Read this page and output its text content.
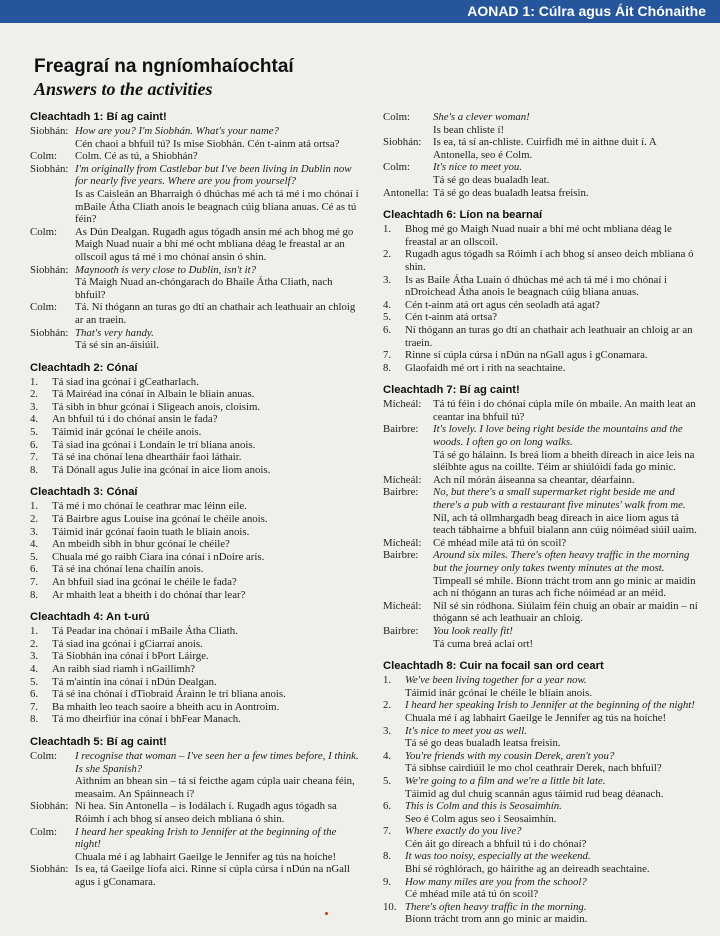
AONAD 1: Cúlra agus Áit Chónaithe
Freagraí na ngníomhaíochtaí
Answers to the activities
Cleachtadh 1: Bí ag caint!
Siobhán: How are you? I'm Siobhán. What's your name?
Cén chaoi a bhfuil tú? Is mise Siobhán. Cén t-ainm atá ortsa?
Colm:	Colm. Cé as tú, a Shiobhán?
Siobhán: I'm originally from Castlebar but I've been living in Dublin now for nearly five years. Where are you from yourself?
Is as Caisleán an Bharraigh ó dhúchas mé ach tá mé i mo chónaí i mBaile Átha Cliath anois le beagnach cúig bliana anuas. Cé as tú féin?
Colm:	As Dún Dealgan. Rugadh agus tógadh ansin mé ach bhog mé go Maigh Nuad nuair a bhí mé ocht mbliana déag le freastal ar an ollscoil agus tá mé i mo chónaí ansin ó shin.
Siobhán: Maynooth is very close to Dublin, isn't it?
Tá Maigh Nuad an-chóngarach do Bhaile Átha Cliath, nach bhfuil?
Colm:	Tá. Ní thógann an turas go dtí an chathair ach leathuair an chloig ar an traein.
Siobhán: That's very handy.
Tá sé sin an-áisiúil.
Cleachtadh 2: Cónaí
1.	Tá siad ina gcónaí i gCeatharlach.
2.	Tá Mairéad ina cónaí in Albain le bliain anuas.
3.	Tá sibh in bhur gcónaí i Sligeach anois, cloisim.
4.	An bhfuil tú i do chónaí ansin le fada?
5.	Táimid inár gcónaí le chéile anois.
6.	Tá siad ina gcónaí i Londain le trí bliana anois.
7.	Tá sé ina chónaí lena dheartháir faoi láthair.
8.	Tá Dónall agus Julie ina gcónaí in aice liom anois.
Cleachtadh 3: Cónaí
1.	Tá mé i mo chónaí le ceathrar mac léinn eile.
2.	Tá Bairbre agus Louise ina gcónaí le chéile anois.
3.	Táimid inár gcónaí faoin tuath le bliain anois.
4.	An mbeidh sibh in bhur gcónaí le chéile?
5.	Chuala mé go raibh Ciara ina cónaí i nDoire arís.
6.	Tá sé ina chónaí lena chailín anois.
7.	An bhfuil siad ina gcónaí le chéile le fada?
8.	Ar mhaith leat a bheith i do chónaí thar lear?
Cleachtadh 4: An t-urú
1.	Tá Peadar ina chónaí i mBaile Átha Cliath.
2.	Tá siad ina gcónaí i gCiarraí anois.
3.	Tá Siobhán ina cónaí i bPort Láirge.
4.	An raibh siad riamh i nGaillimh?
5.	Tá m'aintín ina cónaí i nDún Dealgan.
6.	Tá sé ina chónaí i dTiobraid Árainn le trí bliana anois.
7.	Ba mhaith leo teach saoire a bheith acu in Aontroim.
8.	Tá mo dheirfiúr ina cónaí i bhFear Manach.
Cleachtadh 5: Bí ag caint!
Colm:	I recognise that woman – I've seen her a few times before, I think. Is she Spanish?
Aithním an bhean sin – tá sí feicthe agam cúpla uair cheana féin, measaim. An Spáinneach í?
Siobhán: Ní hea. Sin Antonella – is Iodálach í. Rugadh agus tógadh sa Róimh í ach bhog sí anseo deich mbliana ó shin.
Colm:	I heard her speaking Irish to Jennifer at the beginning of the night!
Chuala mé í ag labhairt Gaeilge le Jennifer ag tús na hoíche!
Siobhán: Is ea, tá Gaeilge líofa aici. Rinne sí cúpla cúrsa i nDún na nGall agus i gConamara.
Colm:	She's a clever woman!
Is bean chliste í!
Siobhán:	Is ea, tá sí an-chliste. Cuirfidh mé in aithne duit í. A Antonella, seo é Colm.
Colm:	It's nice to meet you.
Tá sé go deas bualadh leat.
Antonella: Tá sé go deas bualadh leatsa freisin.
Cleachtadh 6: Líon na bearnaí
1.	Bhog mé go Maigh Nuad nuair a bhí mé ocht mbliana déag le freastal ar an ollscoil.
2.	Rugadh agus tógadh sa Róimh í ach bhog sí anseo deich mbliana ó shin.
3.	Is as Baile Átha Luain ó dhúchas mé ach tá mé i mo chónaí i nDroichead Átha anois le beagnach cúig bliana anuas.
4.	Cén t-ainm atá ort agus cén seoladh atá agat?
5.	Cén t-ainm atá ortsa?
6.	Ní thógann an turas go dtí an chathair ach leathuair an chloig ar an traein.
7.	Rinne sí cúpla cúrsa i nDún na nGall agus i gConamara.
8.	Glaofaidh mé ort i rith na seachtaine.
Cleachtadh 7: Bí ag caint!
Mícheál:	Tá tú féin i do chónaí cúpla míle ón mbaile. An maith leat an ceantar ina bhfuil tú?
Bairbre:	It's lovely. I love being right beside the mountains and the woods. I often go on long walks.
Tá sé go hálainn. Is breá liom a bheith díreach in aice leis na sléibhte agus na coillte. Téim ar shiúlóidí fada go minic.
Mícheál:	Ach níl mórán áiseanna sa cheantar, déarfainn.
Bairbre:	No, but there's a small supermarket right beside me and there's a pub with a restaurant five minutes' walk from me.
Níl, ach tá ollmhargadh beag díreach in aice liom agus tá teach tábhairne a bhfuil bialann ann cúig nóiméad siúil uaim.
Mícheál:	Cé mhéad míle atá tú ón scoil?
Bairbre:	Around six miles. There's often heavy traffic in the morning but the journey only takes twenty minutes at the most.
Timpeall sé mhíle. Bíonn trácht trom ann go minic ar maidin ach ní thógann an turas ach fiche nóiméad ar an méid.
Mícheál:	Níl sé sin ródhona. Siúlaim féin chuig an obair ar maidin – ní thógann sé ach leathuair an chloig.
Bairbre:	You look really fit!
Tá cuma breá aclaí ort!
Cleachtadh 8: Cuir na focail san ord ceart
1.	We've been living together for a year now.
Táimid inár gcónaí le chéile le bliain anois.
2.	I heard her speaking Irish to Jennifer at the beginning of the night!
Chuala mé í ag labhairt Gaeilge le Jennifer ag tús na hoíche!
3.	It's nice to meet you as well.
Tá sé go deas bualadh leatsa freisin.
4.	You're friends with my cousin Derek, aren't you?
Tá sibhse cairdiúil le mo chol ceathrair Derek, nach bhfuil?
5.	We're going to a film and we're a little bit late.
Táimid ag dul chuig scannán agus táimid rud beag déanach.
6.	This is Colm and this is Seosaimhín.
Seo é Colm agus seo í Seosaimhín.
7.	Where exactly do you live?
Cén áit go díreach a bhfuil tú i do chónaí?
8.	It was too noisy, especially at the weekend.
Bhí sé róghlórach, go háirithe ag an deireadh seachtaine.
9.	How many miles are you from the school?
Cé mhéad míle atá tú ón scoil?
10. There's often heavy traffic in the morning.
Bíonn trácht trom ann go minic ar maidin.
